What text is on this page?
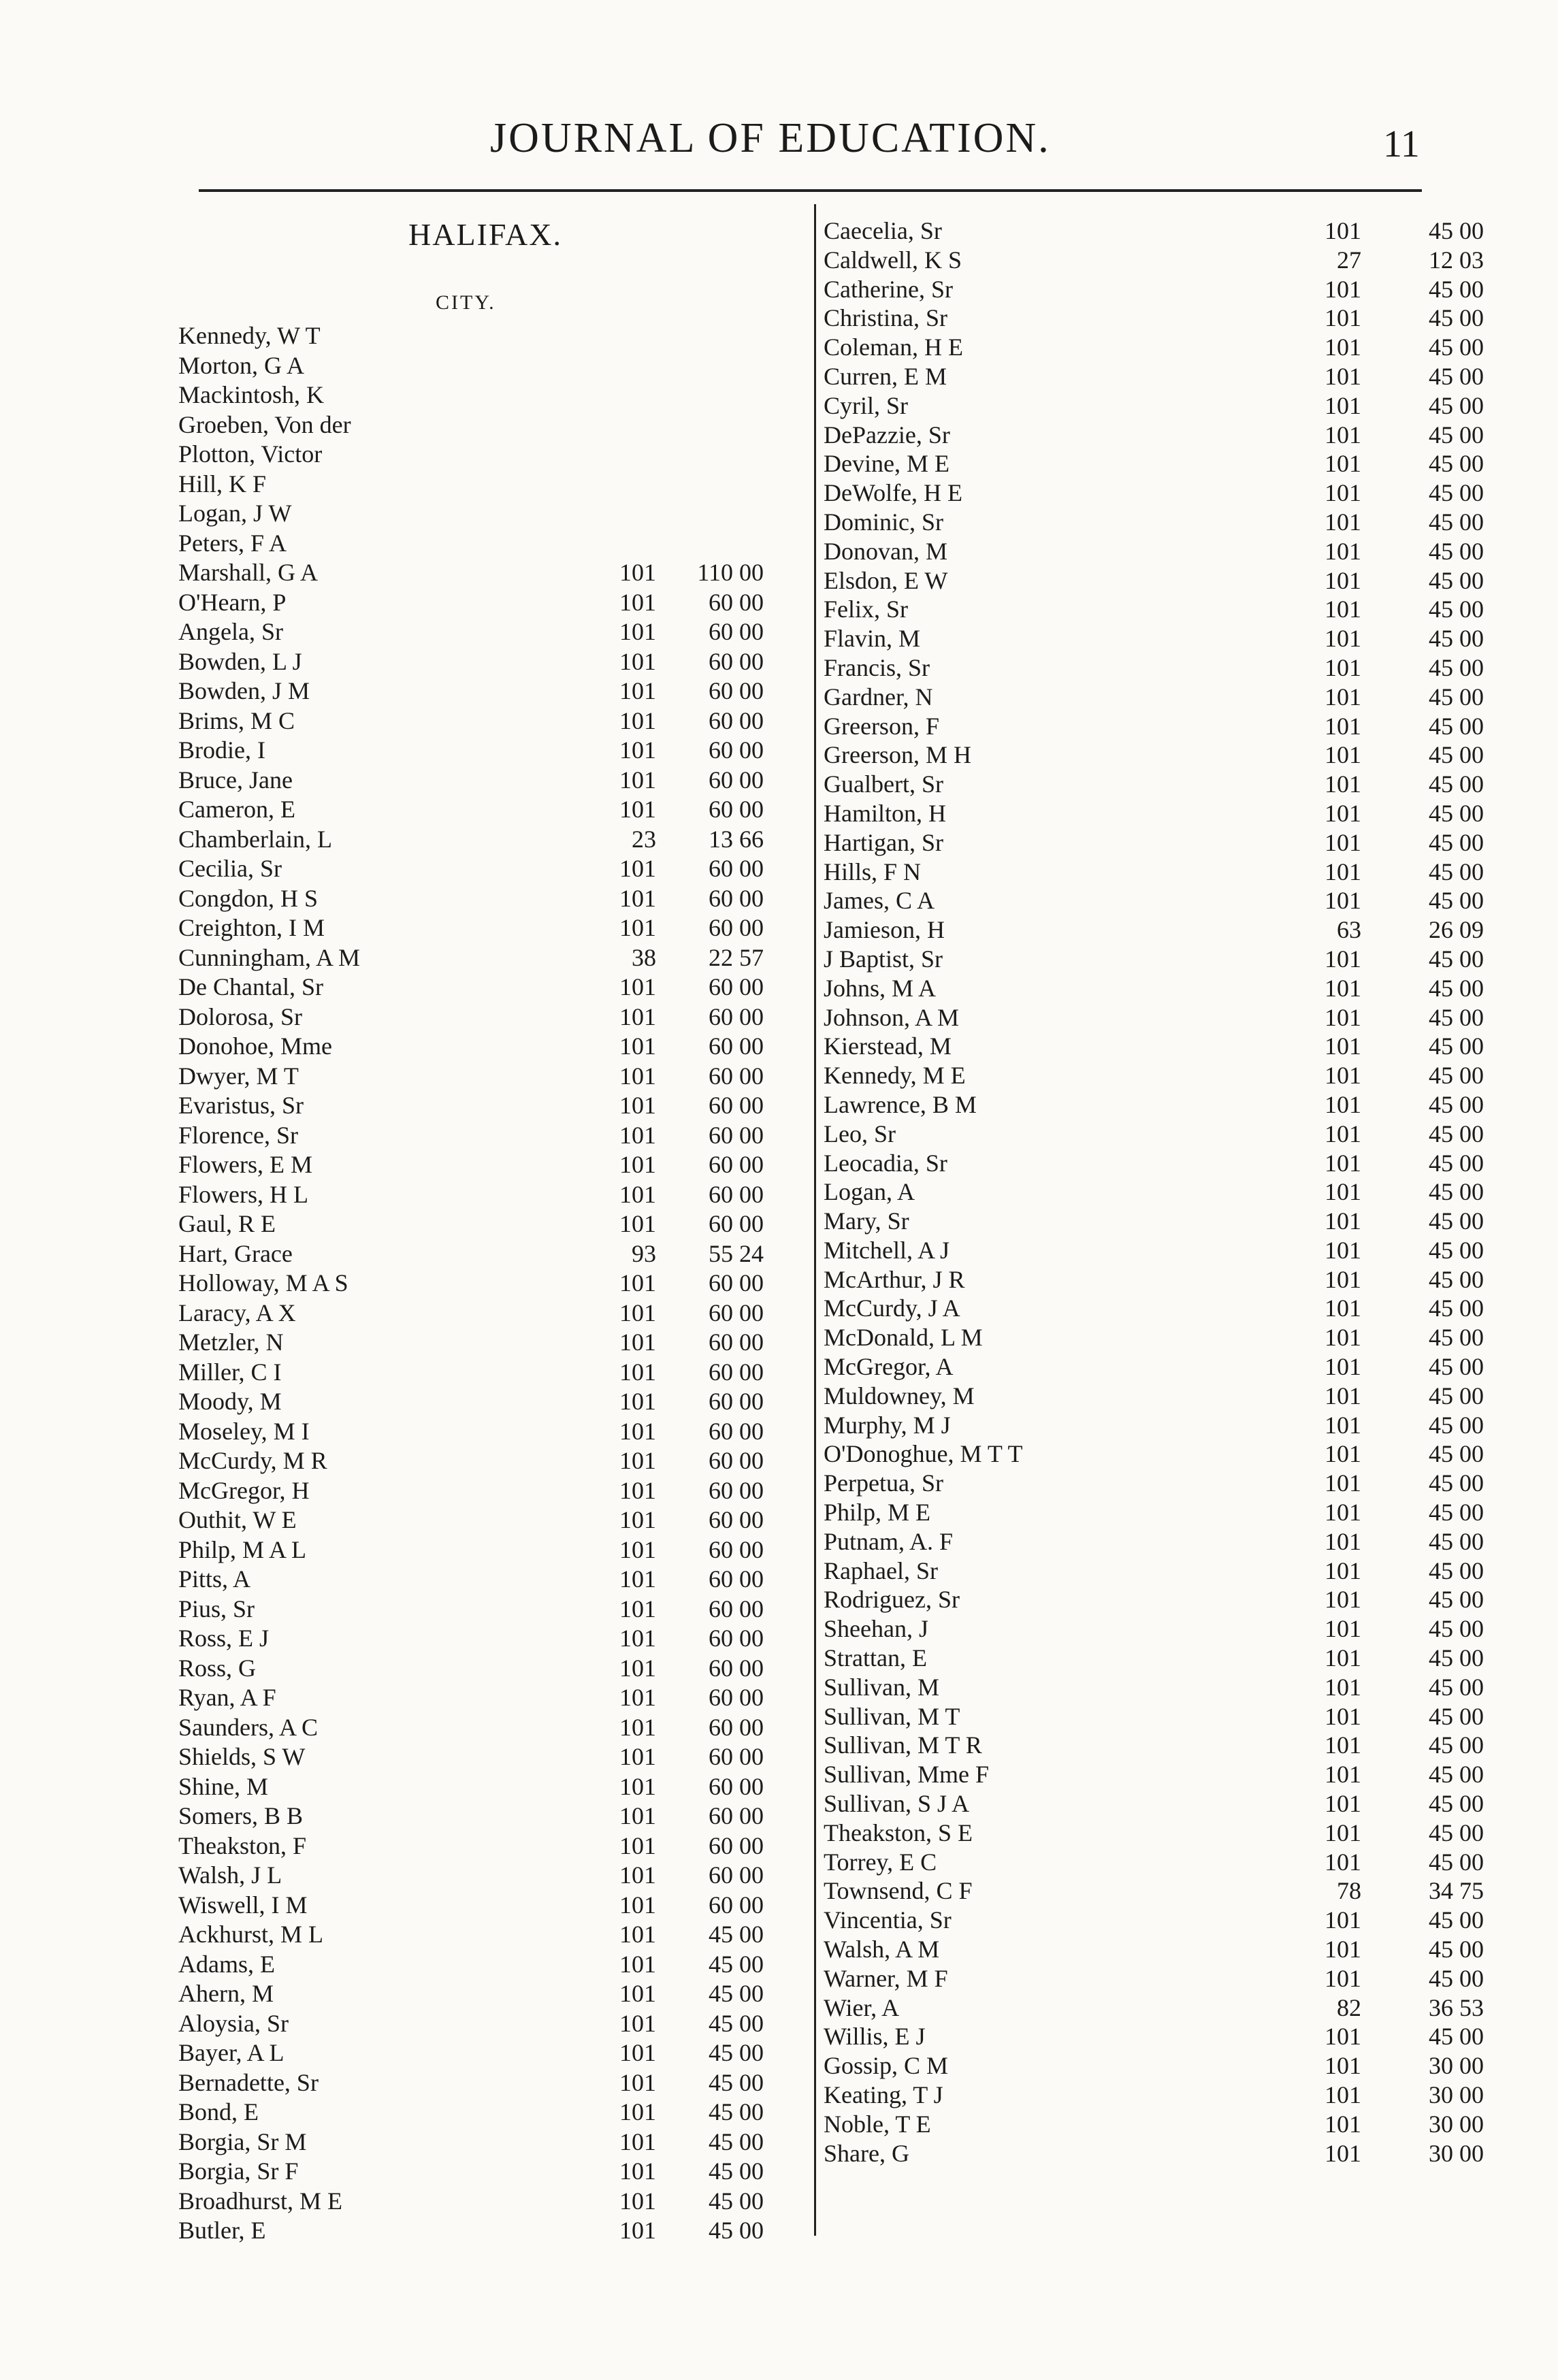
JOURNAL OF EDUCATION.	11
HALIFAX.
CITY.
Kennedy, W T
Morton, G A
Mackintosh, K
Groeben, Von der
Plotton, Victor
Hill, K F
Logan, J W
Peters, F A
Marshall, G A	101	110 00
O'Hearn, P	101	60 00
Angela, Sr	101	60 00
Bowden, L J	101	60 00
Bowden, J M	101	60 00
Brims, M C	101	60 00
Brodie, I	101	60 00
Bruce, Jane	101	60 00
Cameron, E	101	60 00
Chamberlain, L	23	13 66
Cecilia, Sr	101	60 00
Congdon, H S	101	60 00
Creighton, I M	101	60 00
Cunningham, A M	38	22 57
De Chantal, Sr	101	60 00
Dolorosa, Sr	101	60 00
Donohoe, Mme	101	60 00
Dwyer, M T	101	60 00
Evaristus, Sr	101	60 00
Florence, Sr	101	60 00
Flowers, E M	101	60 00
Flowers, H L	101	60 00
Gaul, R E	101	60 00
Hart, Grace	93	55 24
Holloway, M A S	101	60 00
Laracy, A X	101	60 00
Metzler, N	101	60 00
Miller, C I	101	60 00
Moody, M	101	60 00
Moseley, M I	101	60 00
McCurdy, M R	101	60 00
McGregor, H	101	60 00
Outhit, W E	101	60 00
Philp, M A L	101	60 00
Pitts, A	101	60 00
Pius, Sr	101	60 00
Ross, E J	101	60 00
Ross, G	101	60 00
Ryan, A F	101	60 00
Saunders, A C	101	60 00
Shields, S W	101	60 00
Shine, M	101	60 00
Somers, B B	101	60 00
Theakston, F	101	60 00
Walsh, J L	101	60 00
Wiswell, I M	101	60 00
Ackhurst, M L	101	45 00
Adams, E	101	45 00
Ahern, M	101	45 00
Aloysia, Sr	101	45 00
Bayer, A L	101	45 00
Bernadette, Sr	101	45 00
Bond, E	101	45 00
Borgia, Sr M	101	45 00
Borgia, Sr F	101	45 00
Broadhurst, M E	101	45 00
Butler, E	101	45 00
Caecelia, Sr	101	45 00
Caldwell, K S	27	12 03
Catherine, Sr	101	45 00
Christina, Sr	101	45 00
Coleman, H E	101	45 00
Curren, E M	101	45 00
Cyril, Sr	101	45 00
DePazzie, Sr	101	45 00
Devine, M E	101	45 00
DeWolfe, H E	101	45 00
Dominic, Sr	101	45 00
Donovan, M	101	45 00
Elsdon, E W	101	45 00
Felix, Sr	101	45 00
Flavin, M	101	45 00
Francis, Sr	101	45 00
Gardner, N	101	45 00
Greerson, F	101	45 00
Greerson, M H	101	45 00
Gualbert, Sr	101	45 00
Hamilton, H	101	45 00
Hartigan, Sr	101	45 00
Hills, F N	101	45 00
James, C A	101	45 00
Jamieson, H	63	26 09
J Baptist, Sr	101	45 00
Johns, M A	101	45 00
Johnson, A M	101	45 00
Kierstead, M	101	45 00
Kennedy, M E	101	45 00
Lawrence, B M	101	45 00
Leo, Sr	101	45 00
Leocadia, Sr	101	45 00
Logan, A	101	45 00
Mary, Sr	101	45 00
Mitchell, A J	101	45 00
McArthur, J R	101	45 00
McCurdy, J A	101	45 00
McDonald, L M	101	45 00
McGregor, A	101	45 00
Muldowney, M	101	45 00
Murphy, M J	101	45 00
O'Donoghue, M T T	101	45 00
Perpetua, Sr	101	45 00
Philp, M E	101	45 00
Putnam, A. F	101	45 00
Raphael, Sr	101	45 00
Rodriguez, Sr	101	45 00
Sheehan, J	101	45 00
Strattan, E	101	45 00
Sullivan, M	101	45 00
Sullivan, M T	101	45 00
Sullivan, M T R	101	45 00
Sullivan, Mme F	101	45 00
Sullivan, S J A	101	45 00
Theakston, S E	101	45 00
Torrey, E C	101	45 00
Townsend, C F	78	34 75
Vincentia, Sr	101	45 00
Walsh, A M	101	45 00
Warner, M F	101	45 00
Wier, A	82	36 53
Willis, E J	101	45 00
Gossip, C M	101	30 00
Keating, T J	101	30 00
Noble, T E	101	30 00
Share, G	101	30 00
